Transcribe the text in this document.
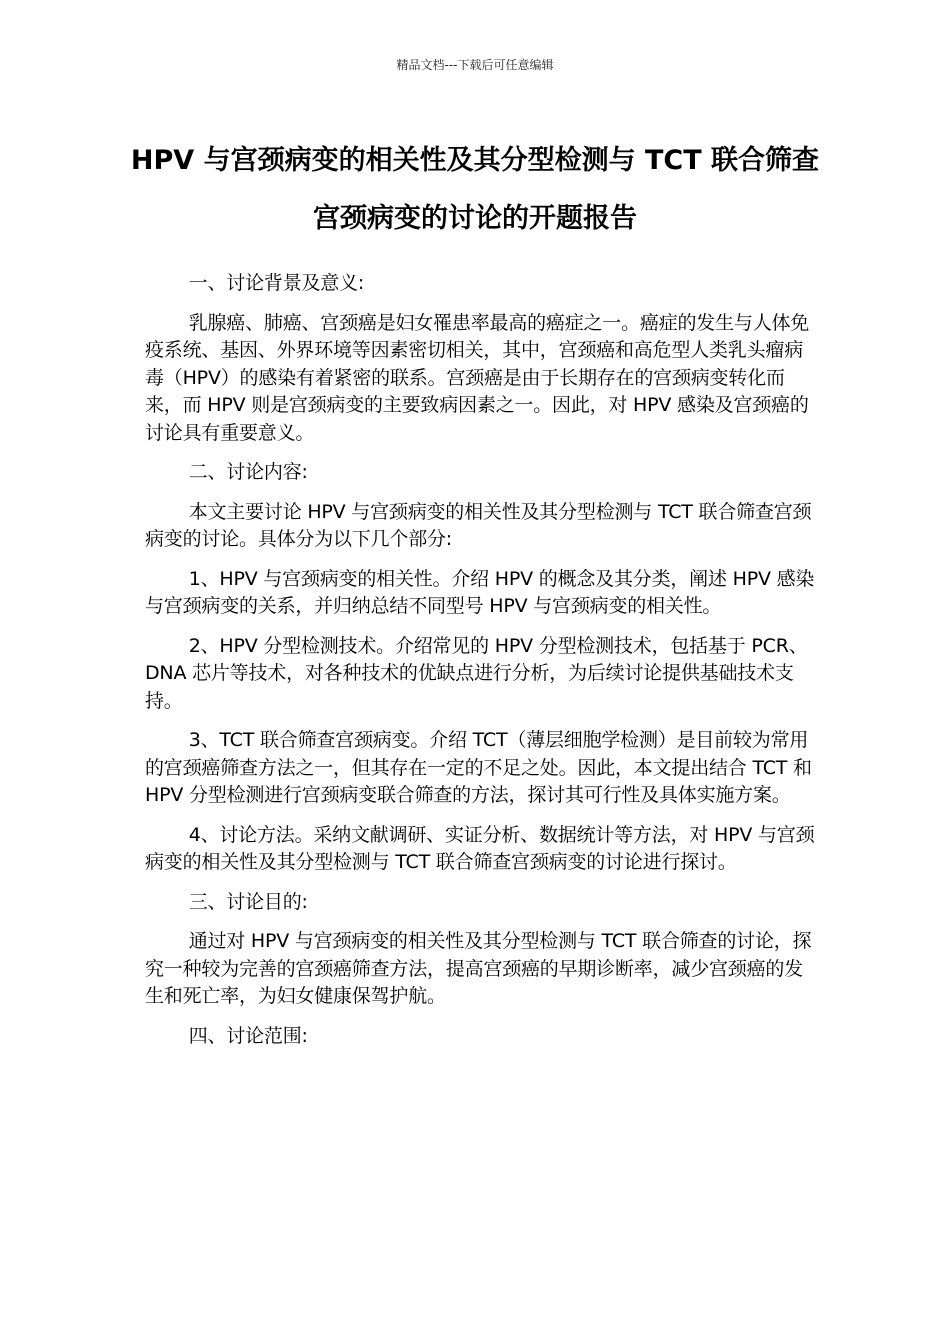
精品文档---下载后可任意编辑
HPV 与宫颈病变的相关性及其分型检测与 TCT 联合筛查宫颈病变的讨论的开题报告

一、讨论背景及意义:

乳腺癌、肺癌、宫颈癌是妇女罹患率最高的癌症之一。癌症的发生与人体免疫系统、基因、外界环境等因素密切相关，其中，宫颈癌和高危型人类乳头瘤病毒（HPV）的感染有着紧密的联系。宫颈癌是由于长期存在的宫颈病变转化而来，而 HPV 则是宫颈病变的主要致病因素之一。因此，对 HPV 感染及宫颈癌的讨论具有重要意义。

二、讨论内容:

本文主要讨论 HPV 与宫颈病变的相关性及其分型检测与 TCT 联合筛查宫颈病变的讨论。具体分为以下几个部分:

1、HPV 与宫颈病变的相关性。介绍 HPV 的概念及其分类，阐述 HPV 感染与宫颈病变的关系，并归纳总结不同型号 HPV 与宫颈病变的相关性。

2、HPV 分型检测技术。介绍常见的 HPV 分型检测技术，包括基于 PCR、DNA 芯片等技术，对各种技术的优缺点进行分析，为后续讨论提供基础技术支持。

3、TCT 联合筛查宫颈病变。介绍 TCT（薄层细胞学检测）是目前较为常用的宫颈癌筛查方法之一，但其存在一定的不足之处。因此，本文提出结合 TCT 和 HPV 分型检测进行宫颈病变联合筛查的方法，探讨其可行性及具体实施方案。

4、讨论方法。采纳文献调研、实证分析、数据统计等方法，对 HPV 与宫颈病变的相关性及其分型检测与 TCT 联合筛查宫颈病变的讨论进行探讨。

三、讨论目的:

通过对 HPV 与宫颈病变的相关性及其分型检测与 TCT 联合筛查的讨论，探究一种较为完善的宫颈癌筛查方法，提高宫颈癌的早期诊断率，减少宫颈癌的发生和死亡率，为妇女健康保驾护航。

四、讨论范围:
